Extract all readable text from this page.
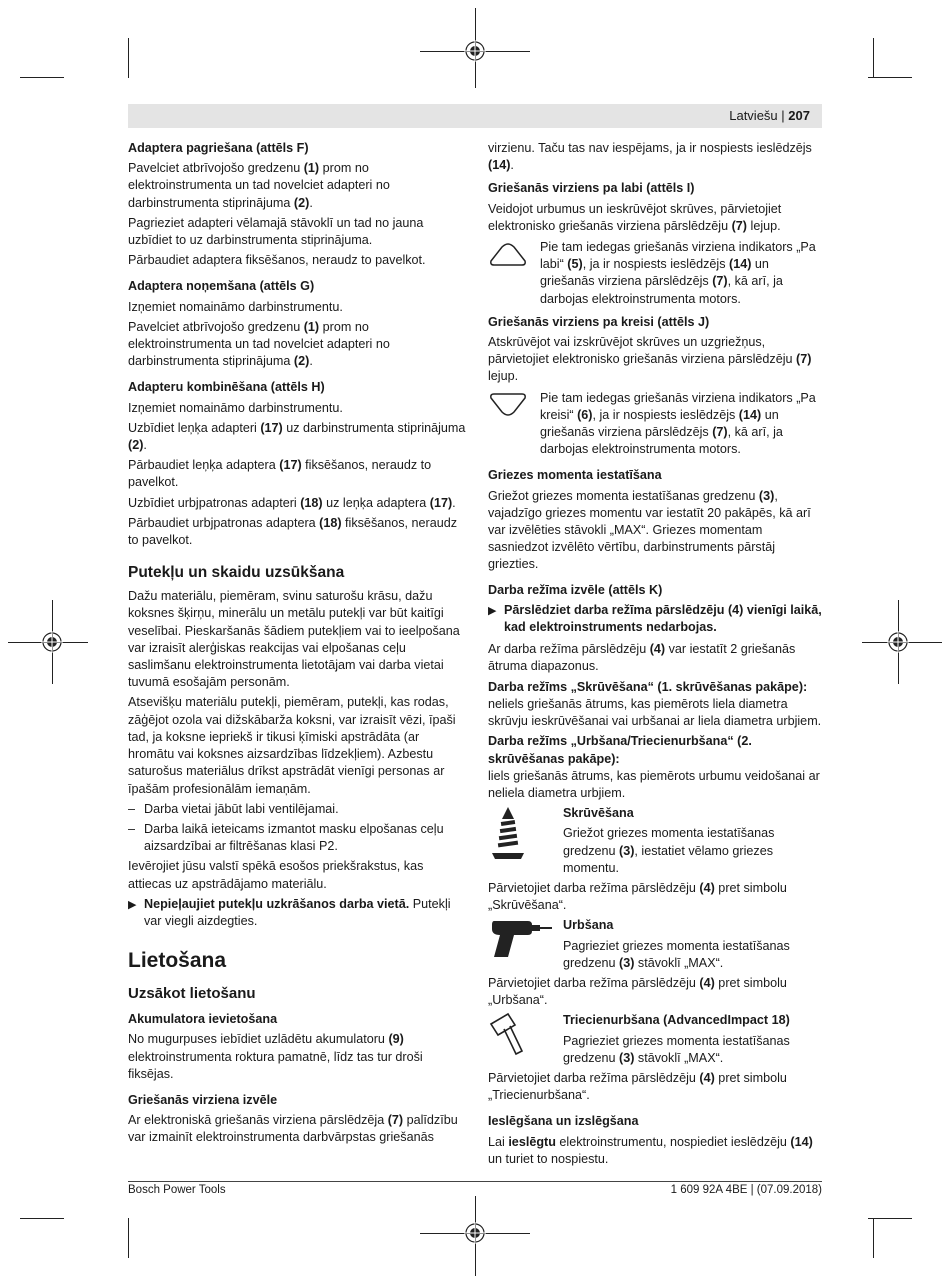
Latviešu | 207
Adaptera pagriešana (attēls F)

Pavelciet atbrīvojošo gredzenu (1) prom no elektroinstrumenta un tad novelciet adapteri no darbinstrumenta stiprinājuma (2).

Pagrieziet adapteri vēlamajā stāvoklī un tad no jauna uzbīdiet to uz darbinstrumenta stiprinājuma.

Pārbaudiet adaptera fiksēšanos, neraudz to pavelkot.

Adaptera noņemšana (attēls G)

Izņemiet nomaināmo darbinstrumentu.

Pavelciet atbrīvojošo gredzenu (1) prom no elektroinstrumenta un tad novelciet adapteri no darbinstrumenta stiprinājuma (2).

Adapteru kombinēšana (attēls H)

Izņemiet nomaināmo darbinstrumentu.

Uzbīdiet leņķa adapteri (17) uz darbinstrumenta stiprinājuma (2).

Pārbaudiet leņķa adaptera (17) fiksēšanos, neraudz to pavelkot.

Uzbīdiet urbjpatronas adapteri (18) uz leņķa adaptera (17).

Pārbaudiet urbjpatronas adaptera (18) fiksēšanos, neraudz to pavelkot.

Putekļu un skaidu uzsūkšana

Dažu materiālu, piemēram, svinu saturošu krāsu, dažu koksnes šķirņu, minerālu un metālu putekļi var būt kaitīgi veselībai. Pieskaršanās šādiem putekļiem vai to ieelpošana var izraisīt alerģiskas reakcijas vai elpošanas ceļu saslimšanu elektroinstrumenta lietotājam vai darba vietai tuvumā esošajām personām.

Atsevišķu materiālu putekļi, piemēram, putekļi, kas rodas, zāģējot ozola vai dižskābarža koksni, var izraisīt vēzi, īpaši tad, ja koksne iepriekš ir tikusi ķīmiski apstrādāta (ar hromātu vai koksnes aizsardzības līdzekļiem). Azbestu saturošus materiālus drīkst apstrādāt vienīgi personas ar īpašām profesionālām iemaņām.

– Darba vietai jābūt labi ventilējamai.
– Darba laikā ieteicams izmantot masku elpošanas ceļu aizsardzībai ar filtrēšanas klasi P2.

Ievērojiet jūsu valstī spēkā esošos priekšrakstus, kas attiecas uz apstrādājamo materiālu.

▶ Nepieļaujiet putekļu uzkrāšanos darba vietā. Putekļi var viegli aizdegties.
Lietošana
Uzsākot lietošanu
Akumulatora ievietošana

No mugurpuses iebīdiet uzlādētu akumulatoru (9) elektroinstrumenta roktura pamatnē, līdz tas tur droši fiksējas.

Griešanās virziena izvēle

Ar elektroniskā griešanās virziena pārslēdzēja (7) palīdzību var izmainīt elektroinstrumenta darbvārpstas griešanās

virzienu. Taču tas nav iespējams, ja ir nospiests ieslēdzējs (14).

Griešanās virziens pa labi (attēls I)

Veidojot urbumus un ieskrūvējot skrūves, pārvietojiet elektronisko griešanās virziena pārslēdzēju (7) lejup.

Pie tam iedegas griešanās virziena indikators „Pa labi“ (5), ja ir nospiests ieslēdzējs (14) un griešanās virziena pārslēdzējs (7), kā arī, ja darbojas elektroinstrumenta motors.
Griešanās virziens pa kreisi (attēls J)

Atskrūvējot vai izskrūvējot skrūves un uzgriežņus, pārvietojiet elektronisko griešanās virziena pārslēdzēju (7) lejup.

Pie tam iedegas griešanās virziena indikators „Pa kreisi“ (6), ja ir nospiests ieslēdzējs (14) un griešanās virziena pārslēdzējs (7), kā arī, ja darbojas elektroinstrumenta motors.
Griezes momenta iestatīšana

Griežot griezes momenta iestatīšanas gredzenu (3), vajadzīgo griezes momentu var iestatīt 20 pakāpēs, kā arī var izvēlēties stāvokli „MAX“. Griezes momentam sasniedzot izvēlēto vērtību, darbinstruments pārstāj griezties.

Darba režīma izvēle (attēls K)
▶ Pārslēdziet darba režīma pārslēdzēju (4) vienīgi laikā, kad elektroinstruments nedarbojas.

Ar darba režīma pārslēdzēju (4) var iestatīt 2 griešanās ātruma diapazonus.

Darba režīms „Skrūvēšana“ (1. skrūvēšanas pakāpe):

neliels griešanās ātrums, kas piemērots liela diametra skrūvju ieskrūvēšanai vai urbšanai ar liela diametra urbjiem.

Darba režīms „Urbšana/Triecienurbšana“ (2. skrūvēšanas pakāpe):

liels griešanās ātrums, kas piemērots urbumu veidošanai ar neliela diametra urbjiem.

Skrūvēšana
Griežot griezes momenta iestatīšanas gredzenu (3), iestatiet vēlamo griezes momentu.

Pārvietojiet darba režīma pārslēdzēju (4) pret simbolu „Skrūvēšana“.

Urbšana
Pagrieziet griezes momenta iestatīšanas gredzenu (3) stāvoklī „MAX“.

Pārvietojiet darba režīma pārslēdzēju (4) pret simbolu „Urbšana“.

Triecienurbšana (AdvancedImpact 18)
Pagrieziet griezes momenta iestatīšanas gredzenu (3) stāvoklī „MAX“.

Pārvietojiet darba režīma pārslēdzēju (4) pret simbolu „Triecienurbšana“.

Ieslēgšana un izslēgšana

Lai ieslēgtu elektroinstrumentu, nospiediet ieslēdzēju (14) un turiet to nospiestu.

Bosch Power Tools	1 609 92A 4BE | (07.09.2018)
